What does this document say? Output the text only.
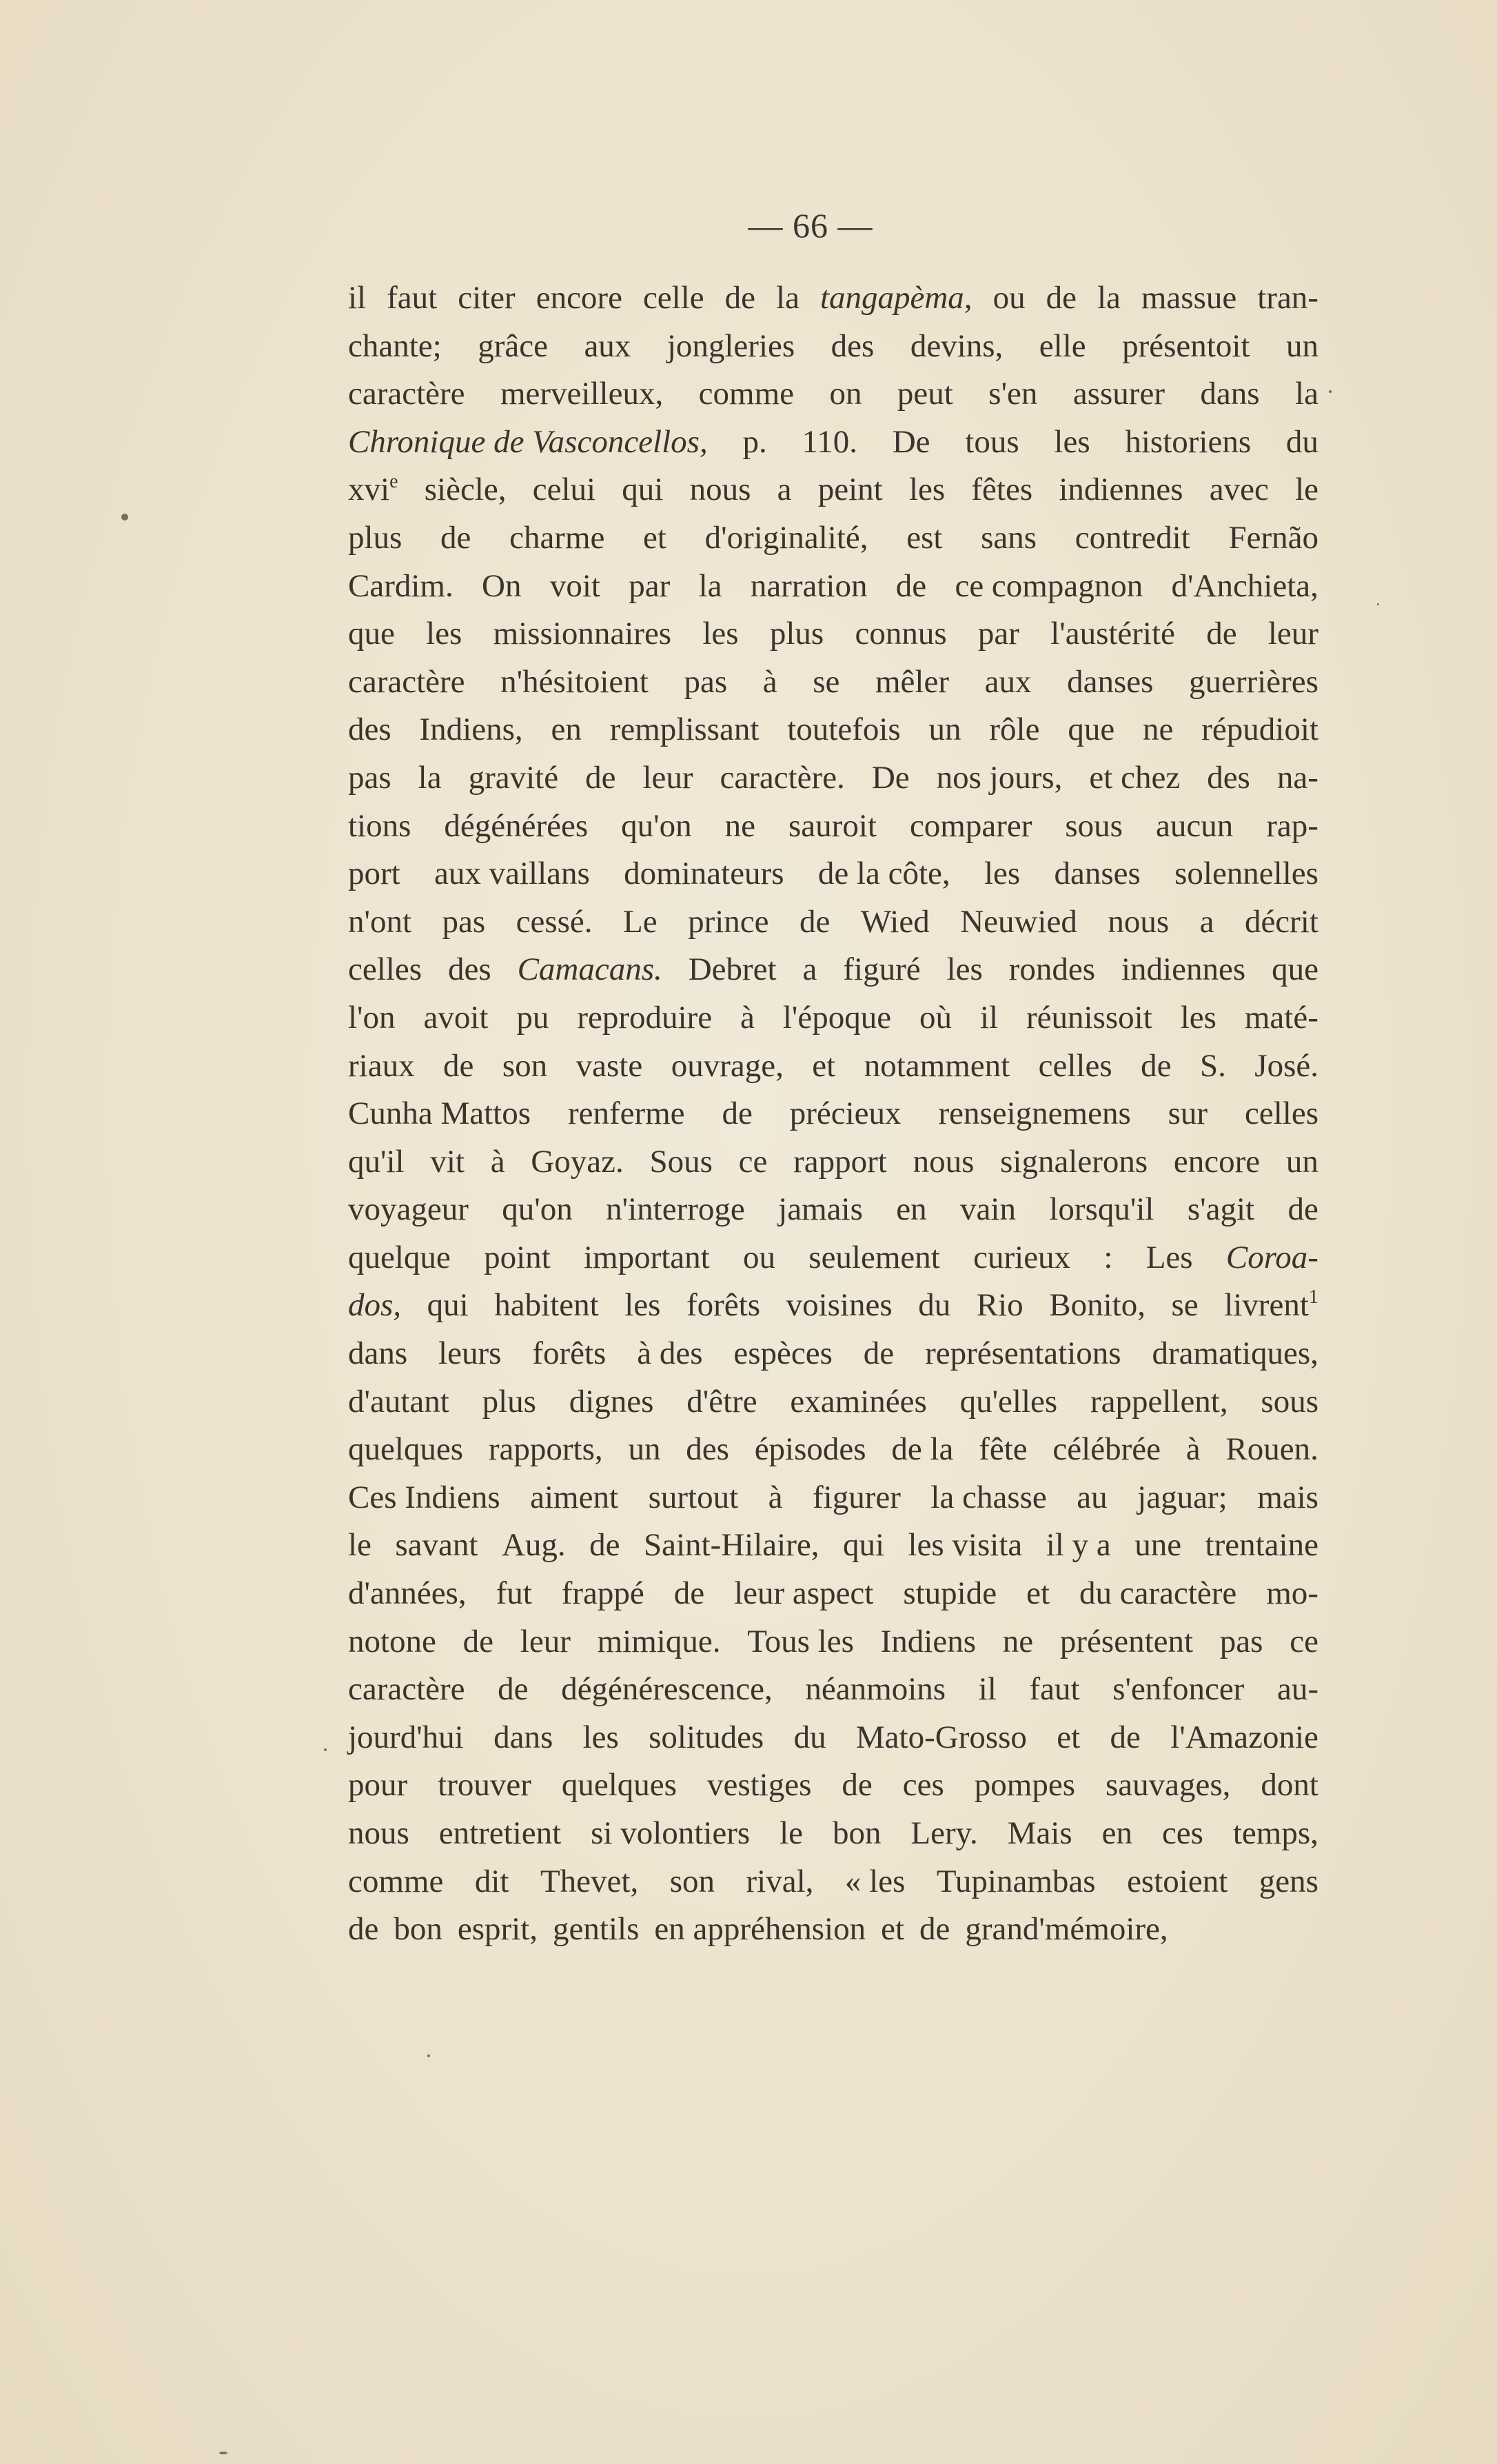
— 66 —
il faut citer encore celle de la tangapèma, ou de la massue tran-
chante; grâce aux jongleries des devins, elle présentoit un
caractère merveilleux, comme on peut s'en assurer dans la
Chronique de Vasconcellos, p. 110. De tous les historiens du
xvi$^e$ siècle, celui qui nous a peint les fêtes indiennes avec le
plus de charme et d'originalité, est sans contredit Fernão
Cardim. On voit par la narration de ce compagnon d'Anchieta,
que les missionnaires les plus connus par l'austérité de leur
caractère n'hésitoient pas à se mêler aux danses guerrières
des Indiens, en remplissant toutefois un rôle que ne répudioit
pas la gravité de leur caractère. De nos jours, et chez des na-
tions dégénérées qu'on ne sauroit comparer sous aucun rap-
port aux vaillans dominateurs de la côte, les danses solennelles
n'ont pas cessé. Le prince de Wied Neuwied nous a décrit
celles des Camacans. Debret a figuré les rondes indiennes que
l'on avoit pu reproduire à l'époque où il réunissoit les maté-
riaux de son vaste ouvrage, et notamment celles de S. José.
Cunha Mattos renferme de précieux renseignemens sur celles
qu'il vit à Goyaz. Sous ce rapport nous signalerons encore un
voyageur qu'on n'interroge jamais en vain lorsqu'il s'agit de
quelque point important ou seulement curieux : Les Coroa-
dos, qui habitent les forêts voisines du Rio Bonito, se livrent$^1$
dans leurs forêts à des espèces de représentations dramatiques,
d'autant plus dignes d'être examinées qu'elles rappellent, sous
quelques rapports, un des épisodes de la fête célébrée à Rouen.
Ces Indiens aiment surtout à figurer la chasse au jaguar; mais
le savant Aug. de Saint-Hilaire, qui les visita il y a une trentaine
d'années, fut frappé de leur aspect stupide et du caractère mo-
notone de leur mimique. Tous les Indiens ne présentent pas ce
caractère de dégénérescence, néanmoins il faut s'enfoncer au-
jourd'hui dans les solitudes du Mato-Grosso et de l'Amazonie
pour trouver quelques vestiges de ces pompes sauvages, dont
nous entretient si volontiers le bon Lery. Mais en ces temps,
comme dit Thevet, son rival, « les Tupinambas estoient gens
de bon esprit, gentils en appréhension et de grand'mémoire,
